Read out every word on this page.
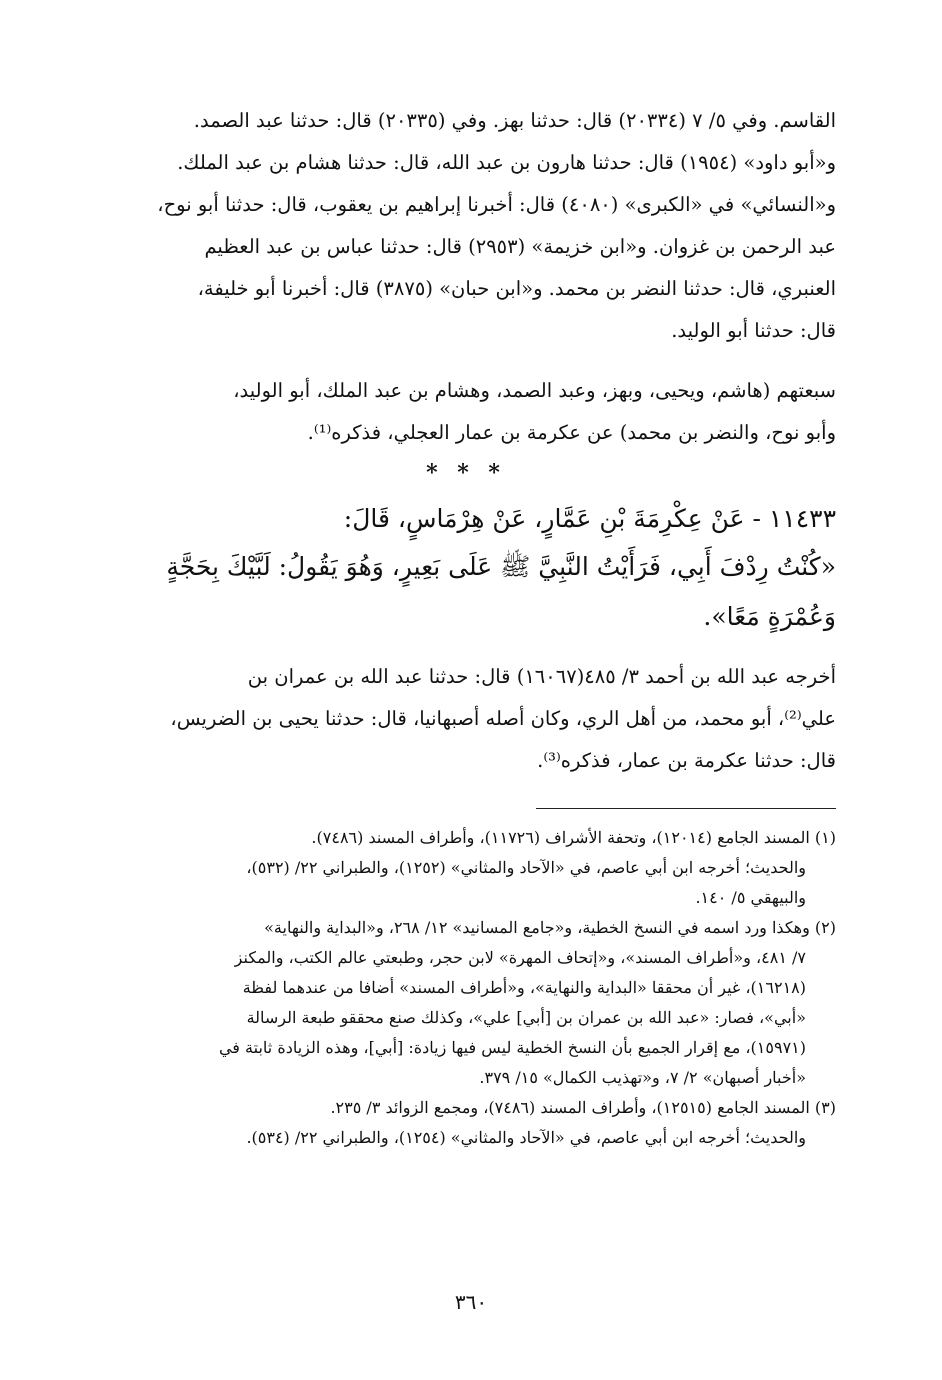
القاسم. وفي ٥/ ٧ (٢٠٣٣٤) قال: حدثنا بهز. وفي (٢٠٣٣٥) قال: حدثنا عبد الصمد.

و«أبو داود» (١٩٥٤) قال: حدثنا هارون بن عبد الله، قال: حدثنا هشام بن عبد الملك.

و«النسائي» في «الكبرى» (٤٠٨٠) قال: أخبرنا إبراهيم بن يعقوب، قال: حدثنا أبو نوح،

عبد الرحمن بن غزوان. و«ابن خزيمة» (٢٩٥٣) قال: حدثنا عباس بن عبد العظيم

العنبري، قال: حدثنا النضر بن محمد. و«ابن حبان» (٣٨٧٥) قال: أخبرنا أبو خليفة،

قال: حدثنا أبو الوليد.

سبعتهم (هاشم، ويحيى، وبهز، وعبد الصمد، وهشام بن عبد الملك، أبو الوليد،

وأبو نوح، والنضر بن محمد) عن عكرمة بن عمار العجلي، فذكره⁽¹⁾.

* * *

١١٤٣٣ - عَنْ عِكْرِمَةَ بْنِ عَمَّارٍ، عَنْ هِرْمَاسٍ، قَالَ:

«كُنْتُ رِدْفَ أَبِي، فَرَأَيْتُ النَّبِيَّ ﷺ عَلَى بَعِيرٍ، وَهُوَ يَقُولُ: لَبَّيْكَ بِحَجَّةٍ

وَعُمْرَةٍ مَعًا».

أخرجه عبد الله بن أحمد ٣/ ٤٨٥(١٦٠٦٧) قال: حدثنا عبد الله بن عمران بن

علي⁽²⁾، أبو محمد، من أهل الري، وكان أصله أصبهانيا، قال: حدثنا يحيى بن الضريس،

قال: حدثنا عكرمة بن عمار، فذكره⁽³⁾.

(١) المسند الجامع (١٢٠١٤)، وتحفة الأشراف (١١٧٢٦)، وأطراف المسند (٧٤٨٦).

والحديث؛ أخرجه ابن أبي عاصم، في «الآحاد والمثاني» (١٢٥٢)، والطبراني ٢٢/ (٥٣٢)،

والبيهقي ٥/ ١٤٠.

(٢) وهكذا ورد اسمه في النسخ الخطية، و«جامع المسانيد» ١٢/ ٢٦٨، و«البداية والنهاية»

٧/ ٤٨١، و«أطراف المسند»، و«إتحاف المهرة» لابن حجر، وطبعتي عالم الكتب، والمكنز

(١٦٢١٨)، غير أن محققا «البداية والنهاية»، و«أطراف المسند» أضافا من عندهما لفظة

«أبي»، فصار: «عبد الله بن عمران بن [أبي] علي»، وكذلك صنع محققو طبعة الرسالة

(١٥٩٧١)، مع إقرار الجميع بأن النسخ الخطية ليس فيها زيادة: [أبي]، وهذه الزيادة ثابتة في

«أخبار أصبهان» ٢/ ٧، و«تهذيب الكمال» ١٥/ ٣٧٩.

(٣) المسند الجامع (١٢٥١٥)، وأطراف المسند (٧٤٨٦)، ومجمع الزوائد ٣/ ٢٣٥.

والحديث؛ أخرجه ابن أبي عاصم، في «الآحاد والمثاني» (١٢٥٤)، والطبراني ٢٢/ (٥٣٤).

٣٦٠
